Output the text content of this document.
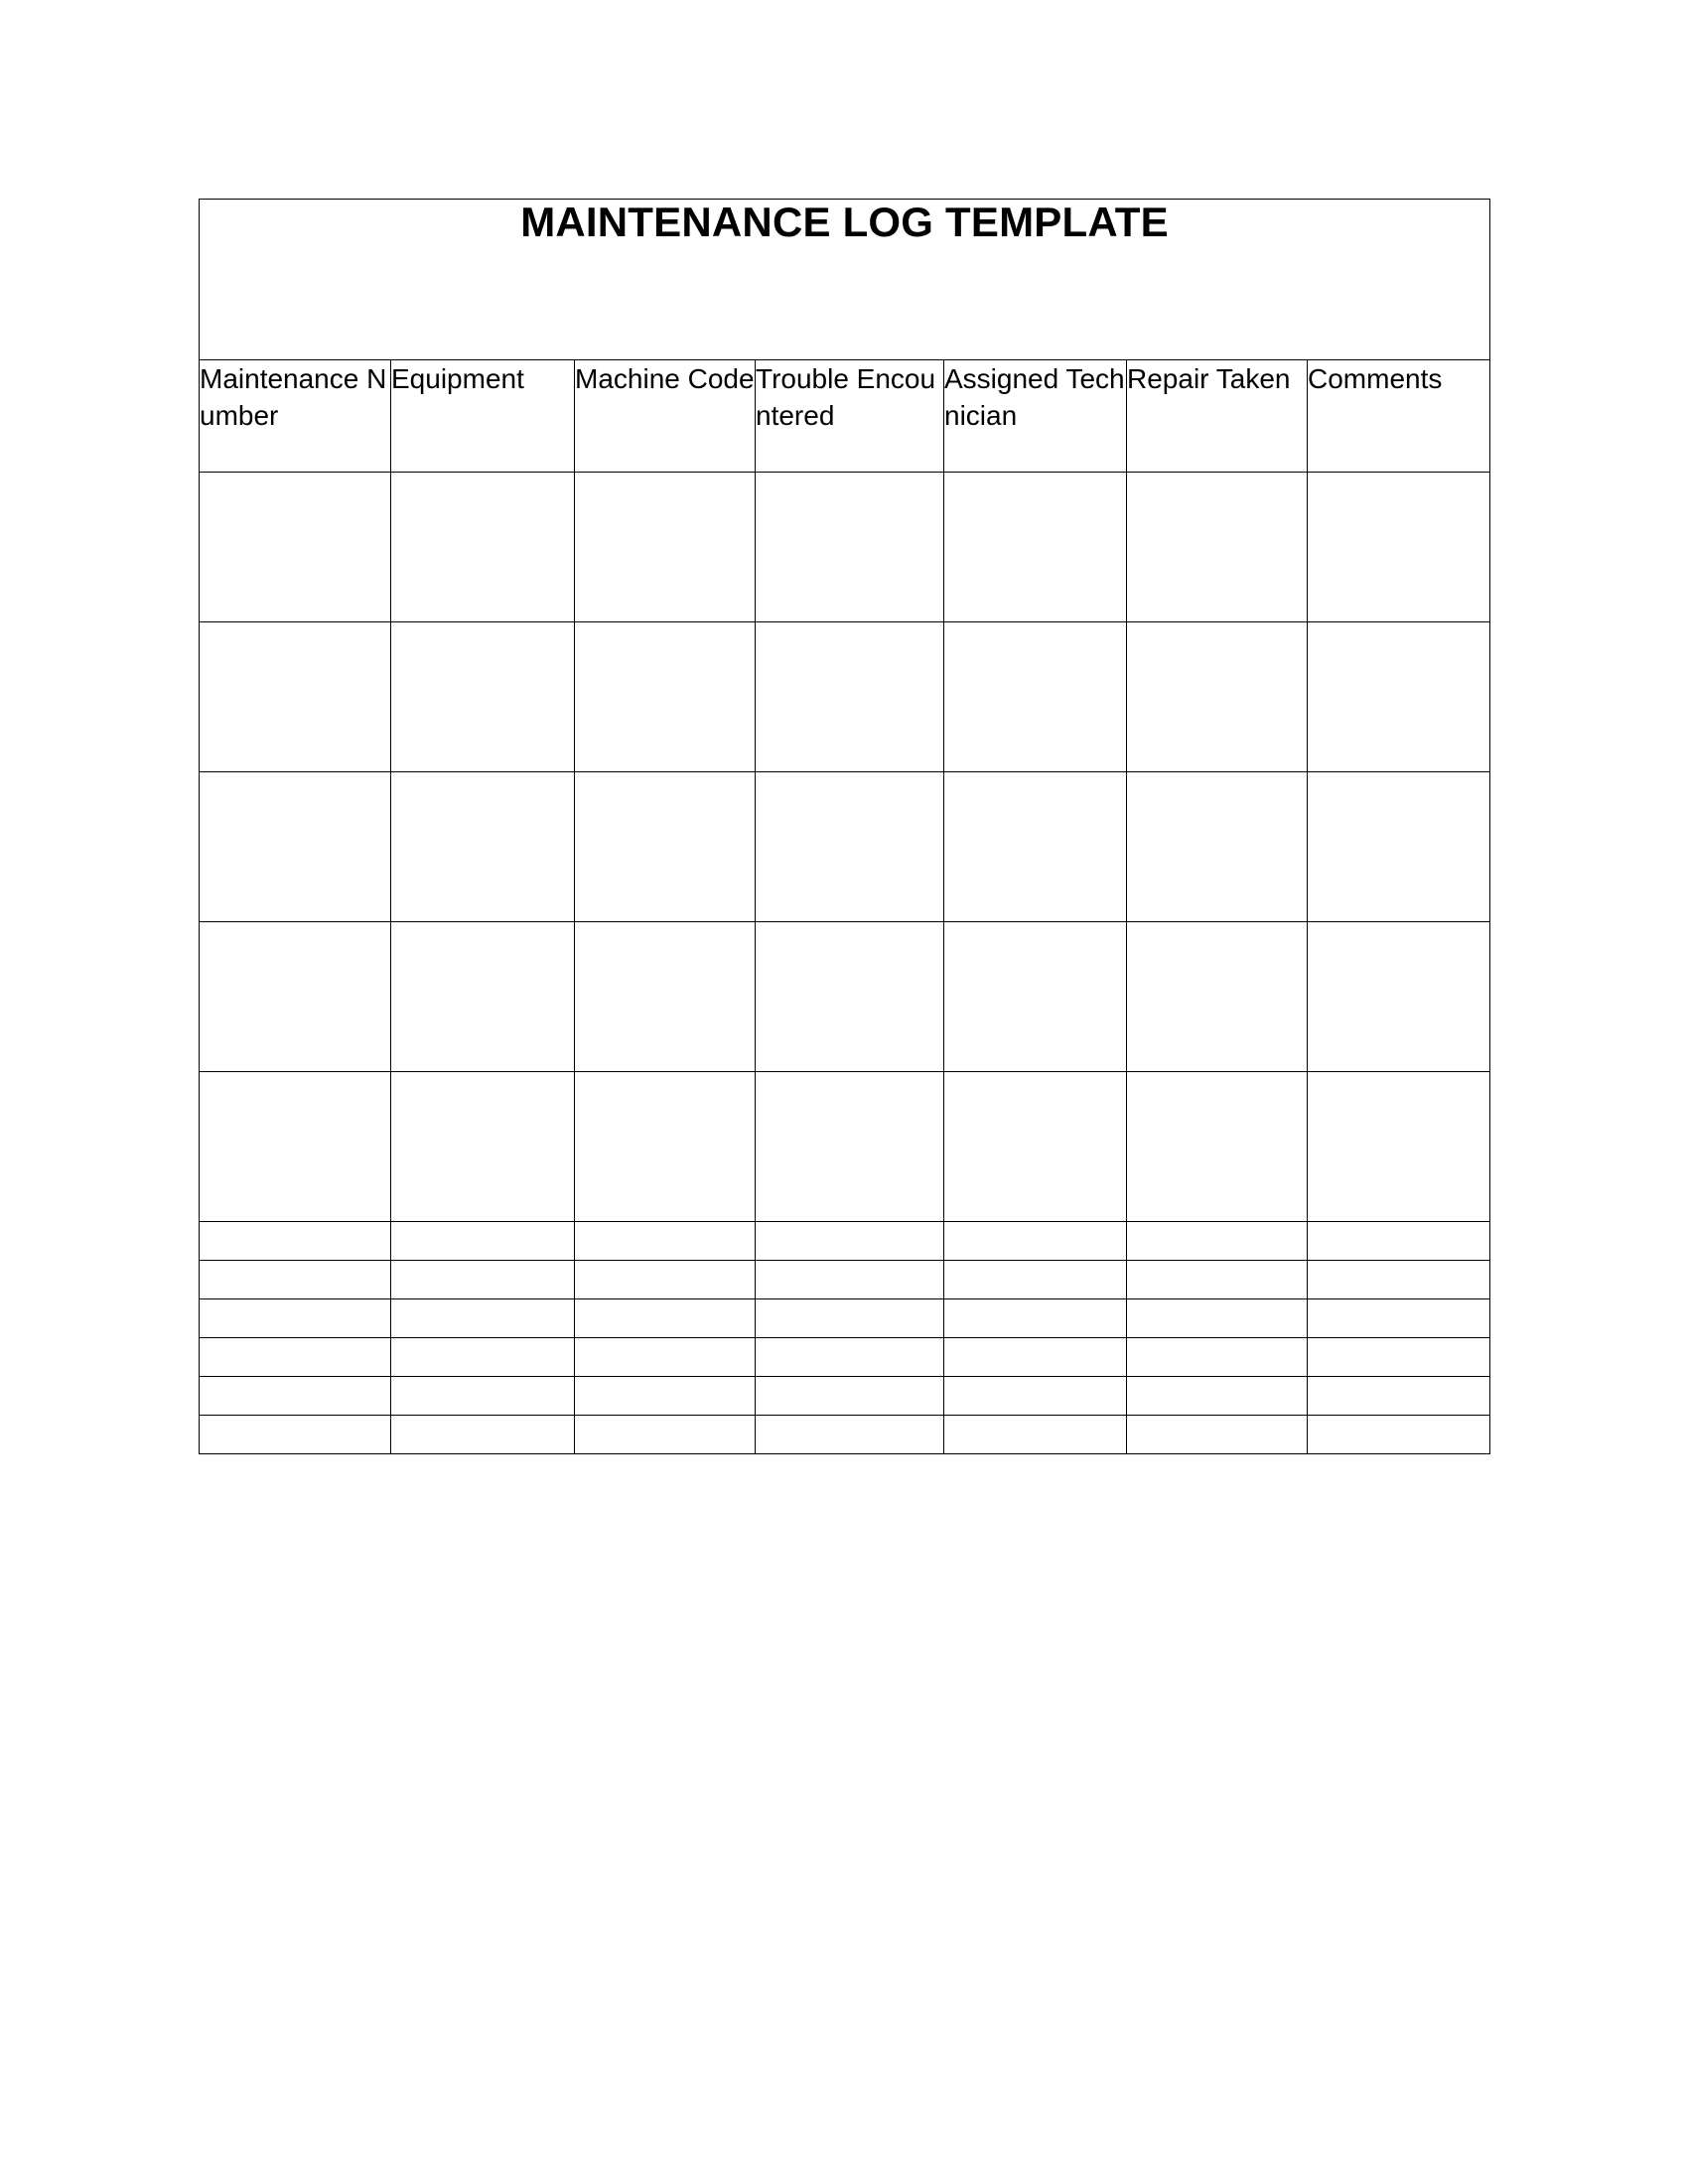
MAINTENANCE LOG TEMPLATE						

Maintenance Number	Equipment	Machine Code	Trouble Encountered	Assigned Technician	Repair Taken	Comments
